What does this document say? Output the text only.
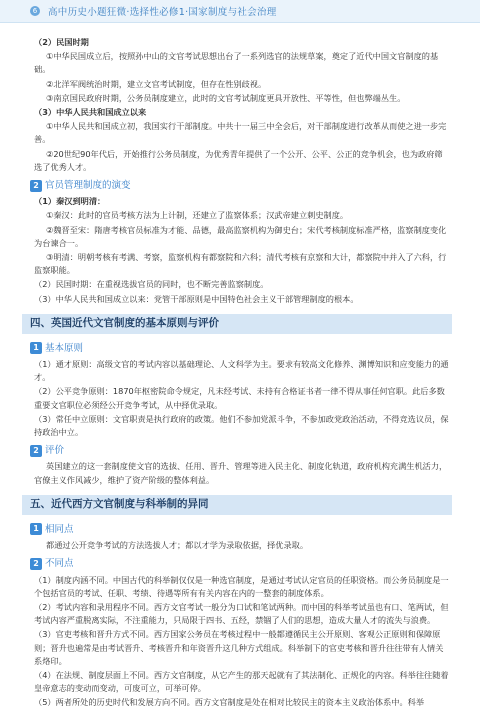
6 高中历史小题狂微·选择性必修1·国家制度与社会治理

（2）民国时期

①中华民国成立后，按照孙中山的文官考试思想出台了一系列选官的法规草案，奠定了近代中国文官制度的基础。

②北洋军阀统治时期，建立文官考试制度，但存在性别歧视。

③南京国民政府时期，公务员制度建立，此时的文官考试制度更具开放性、平等性，但也弊端丛生。

（3）中华人民共和国成立以来

①中华人民共和国成立初，我国实行干部制度。中共十一届三中全会后，对干部制度进行改革从而使之进一步完善。

②20世纪90年代后，开始推行公务员制度，为优秀青年提供了一个公开、公平、公正的竞争机会，也为政府筛选了优秀人才。

2 官员管理制度的演变

（1）秦汉到明清：

①秦汉：此时的官员考核方法为上计制，还建立了监察体系；汉武帝建立刺史制度。

②魏晋至宋：隋唐考核官员标准为才能、品德，最高监察机构为御史台；宋代考核制度标准严格，监察制度变化为台谏合一。

③明清：明朝考核有考满、考察，监察机构有都察院和六科；清代考核有京察和大计，都察院中并入了六科，行监察职能。

（2）民国时期：在重视选拔官员的同时，也不断完善监察制度。

（3）中华人民共和国成立以来：党管干部原则是中国特色社会主义干部管理制度的根本。

四、英国近代文官制度的基本原则与评价
1 基本原则

（1）通才原则：高级文官的考试内容以基础理论、人文科学为主。要求有较高文化修养、渊博知识和应变能力的通才。

（2）公平竞争原则：1870年枢密院命令规定，凡未经考试、未持有合格证书者一律不得从事任何官职。此后多数重要文官职位必须经公开竞争考试，从中择优录取。

（3）常任中立原则：文官职责是执行政府的政策。他们不参加党派斗争，不参加政党政治活动，不得竞选议员，保持政治中立。

2 评价

英国建立的这一套制度使文官的选拔、任用、晋升、管理等进入民主化、制度化轨道，政府机构充满生机活力，官僚主义作风减少，维护了资产阶级的整体利益。

五、近代西方文官制度与科举制的异同
1 相同点

都通过公开竞争考试的方法选拔人才；都以才学为录取依据，择优录取。

2 不同点

（1）制度内涵不同。中国古代的科举制仅仅是一种选官制度，是通过考试认定官员的任职资格。而公务员制度是一个包括官员的考试、任职、考绩、待遇等所有有关内容在内的一整套的制度体系。

（2）考试内容和录用程序不同。西方文官考试一般分为口试和笔试两种。而中国的科举考试虽也有口、笔两试，但考试内容严重脱离实际，不注重能力，只局限于四书、五经，禁锢了人们的思想，造成大量人才的流失与浪费。

（3）官吏考核和晋升方式不同。西方国家公务员在考核过程中一般都遵循民主公开原则、客观公正原则和保障原则；晋升也遍常是由考试晋升、考核晋升和年资晋升这几种方式组成。科举制下的官吏考核和晋升往往带有人情关系烙印。

（4）在法规、制度层面上不同。西方文官制度，从它产生的那天起就有了其法制化、正规化的内容。科举往往随着皇帝意志的变动而变动，可废可立，可举可停。

（5）两者所处的历史时代和发展方向不同。西方文官制度是处在相对比较民主的资本主义政治体系中。科举
